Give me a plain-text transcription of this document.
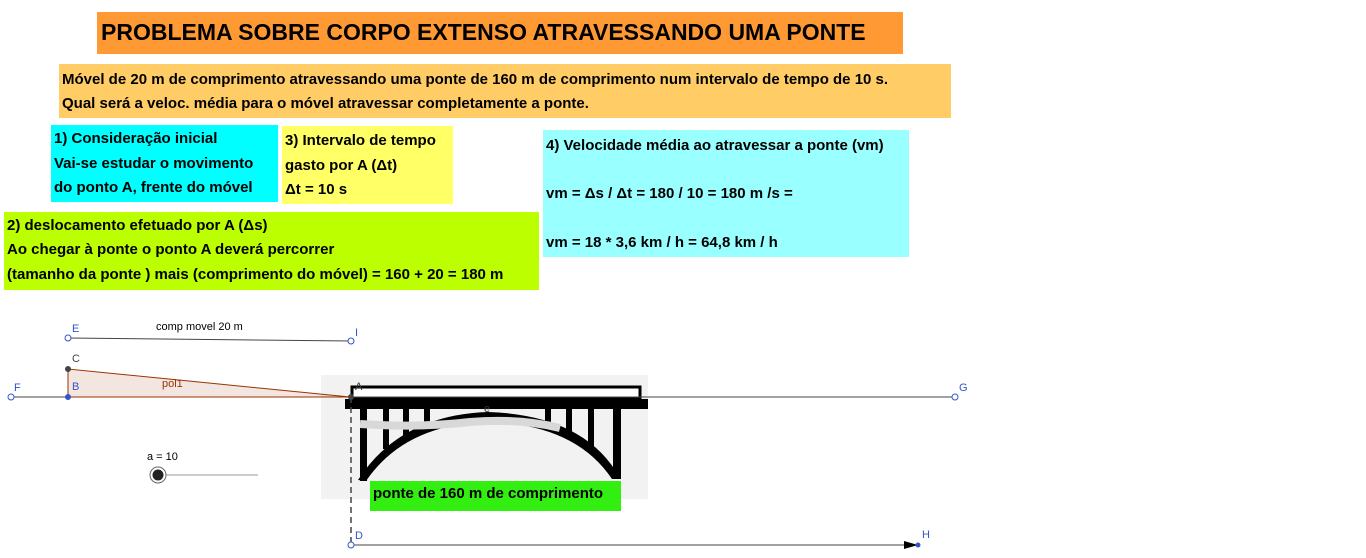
PROBLEMA SOBRE CORPO EXTENSO ATRAVESSANDO UMA PONTE
Móvel de 20 m de comprimento atravessando uma ponte de 160 m de comprimento num intervalo de tempo de 10 s.
Qual será a veloc. média para o móvel atravessar completamente a ponte.
1) Consideração inicial
Vai-se estudar o movimento
do ponto A, frente do móvel
3) Intervalo de tempo
gasto por A (Δt)
Δt = 10 s
4) Velocidade média ao atravessar a ponte (vm)

vm = Δs / Δt = 180 / 10 = 180 m /s =

vm = 18 * 3,6 km / h = 64,8 km / h
2) deslocamento efetuado por A (Δs)
Ao chegar à ponte o ponto A deverá percorrer
(tamanho da ponte ) mais (comprimento do móvel) = 160 + 20 = 180 m
e
pol1
comp movel 20 m
E	I
C
B
F	G
A
D	H
a = 10
ponte de 160 m de comprimento
